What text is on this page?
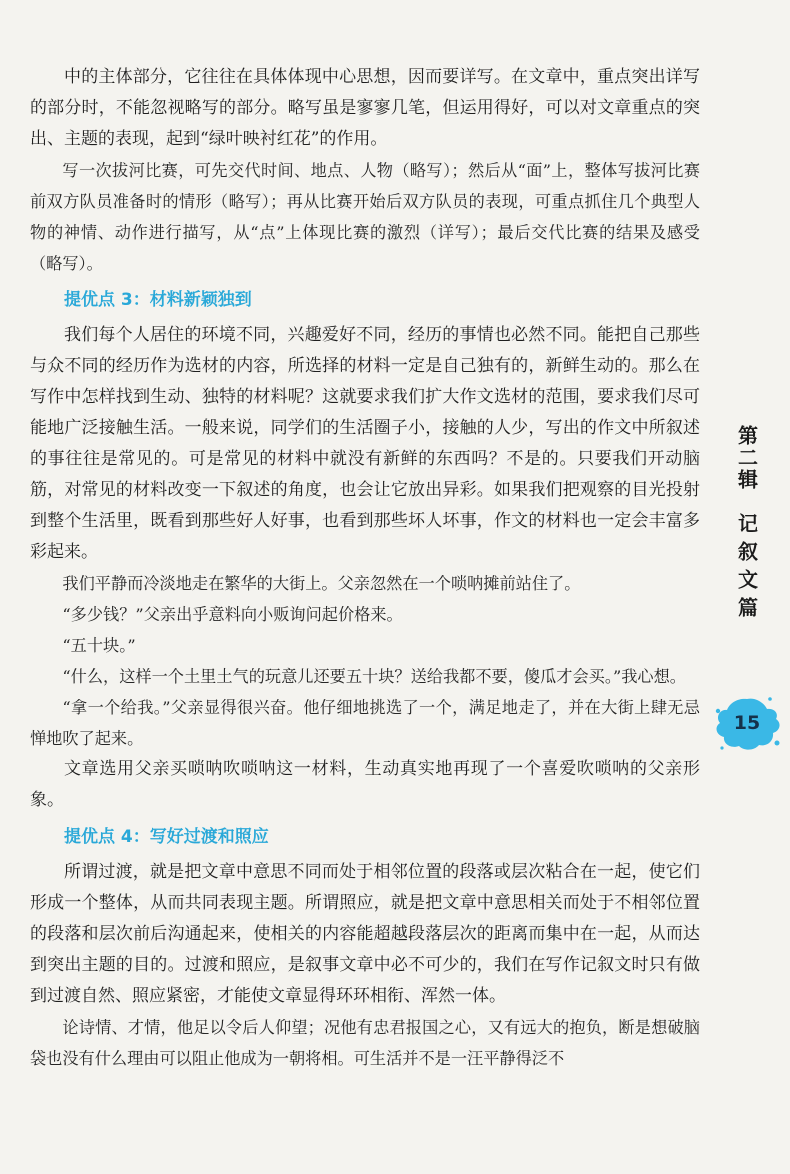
中的主体部分，它往往在具体体现中心思想，因而要详写。在文章中，重点突出详写的部分时，不能忽视略写的部分。略写虽是寥寥几笔，但运用得好，可以对文章重点的突出、主题的表现，起到“绿叶映衬红花”的作用。

写一次拔河比赛，可先交代时间、地点、人物（略写）；然后从“面”上，整体写拔河比赛前双方队员准备时的情形（略写）；再从比赛开始后双方队员的表现，可重点抓住几个典型人物的神情、动作进行描写，从“点”上体现比赛的激烈（详写）；最后交代比赛的结果及感受（略写）。

提优点 3：材料新颖独到

我们每个人居住的环境不同，兴趣爱好不同，经历的事情也必然不同。能把自己那些与众不同的经历作为选材的内容，所选择的材料一定是自己独有的，新鲜生动的。那么在写作中怎样找到生动、独特的材料呢？这就要求我们扩大作文选材的范围，要求我们尽可能地广泛接触生活。一般来说，同学们的生活圈子小，接触的人少，写出的作文中所叙述的事往往是常见的。可是常见的材料中就没有新鲜的东西吗？不是的。只要我们开动脑筋，对常见的材料改变一下叙述的角度，也会让它放出异彩。如果我们把观察的目光投射到整个生活里，既看到那些好人好事，也看到那些坏人坏事，作文的材料也一定会丰富多彩起来。

我们平静而冷淡地走在繁华的大街上。父亲忽然在一个唢呐摊前站住了。

“多少钱？”父亲出乎意料向小贩询问起价格来。

“五十块。”

“什么，这样一个土里土气的玩意儿还要五十块？送给我都不要，傻瓜才会买。”我心想。

“拿一个给我。”父亲显得很兴奋。他仔细地挑选了一个，满足地走了，并在大街上肆无忌惮地吹了起来。

文章选用父亲买唢呐吹唢呐这一材料，生动真实地再现了一个喜爱吹唢呐的父亲形象。

提优点 4：写好过渡和照应

所谓过渡，就是把文章中意思不同而处于相邻位置的段落或层次粘合在一起，使它们形成一个整体，从而共同表现主题。所谓照应，就是把文章中意思相关而处于不相邻位置的段落和层次前后沟通起来，使相关的内容能超越段落层次的距离而集中在一起，从而达到突出主题的目的。过渡和照应，是叙事文章中必不可少的，我们在写作记叙文时只有做到过渡自然、照应紧密，才能使文章显得环环相衔、浑然一体。

论诗情、才情，他足以令后人仰望；况他有忠君报国之心，又有远大的抱负，断是想破脑袋也没有什么理由可以阻止他成为一朝将相。可生活并不是一汪平静得泛不

第二辑
记叙文篇
15
